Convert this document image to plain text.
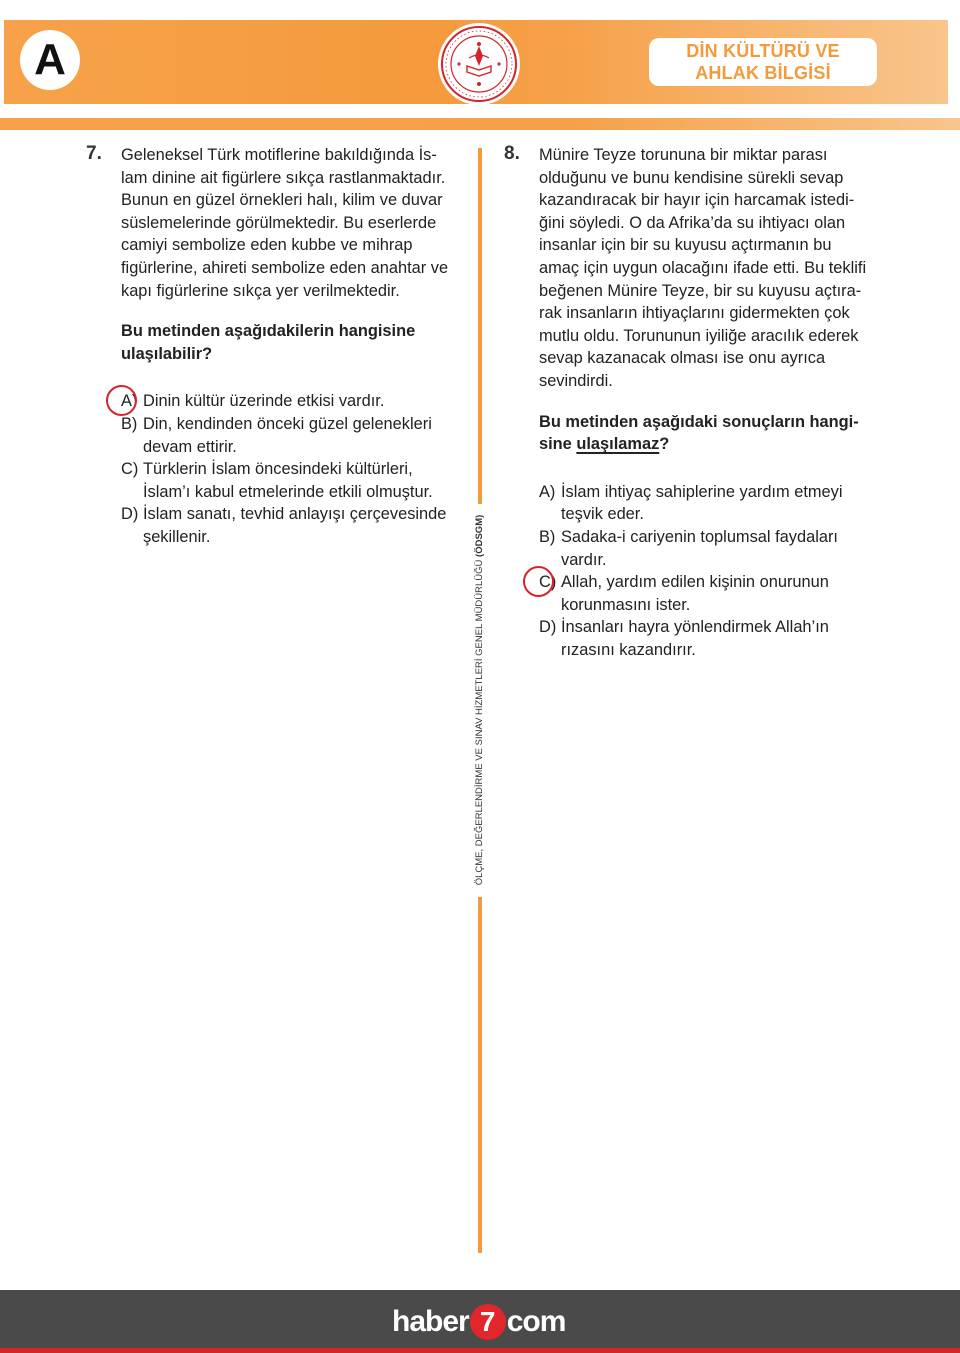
A	DİN KÜLTÜRÜ VE
AHLAK BİLGİSİ
7. Geleneksel Türk motiflerine bakıldığında İs-

lam dinine ait figürlere sıkça rastlanmaktadır.

Bunun en güzel örnekleri halı, kilim ve duvar

süslemelerinde görülmektedir. Bu eserlerde

camiyi sembolize eden kubbe ve mihrap

figürlerine, ahireti sembolize eden anahtar ve

kapı figürlerine sıkça yer verilmektedir.

Bu metinden aşağıdakilerin hangisine
ulaşılabilir?

A) Dinin kültür üzerinde etkisi vardır.
B) Din, kendinden önceki güzel gelenekleri
devam ettirir.
C) Türklerin İslam öncesindeki kültürleri,
İslam’ı kabul etmelerinde etkili olmuştur.
D) İslam sanatı, tevhid anlayışı çerçevesinde
şekillenir.
ÖLÇME, DEĞERLENDİRME VE SINAV HİZMETLERİ GENEL MÜDÜRLÜĞÜ (ÖDSGM)
8. Münire Teyze torununa bir miktar parası

olduğunu ve bunu kendisine sürekli sevap

kazandıracak bir hayır için harcamak istedi-

ğini söyledi. O da Afrika’da su ihtiyacı olan

insanlar için bir su kuyusu açtırmanın bu

amaç için uygun olacağını ifade etti. Bu teklifi

beğenen Münire Teyze, bir su kuyusu açtıra-

rak insanların ihtiyaçlarını gidermekten çok

mutlu oldu. Torununun iyiliğe aracılık ederek

sevap kazanacak olması ise onu ayrıca

sevindirdi.

Bu metinden aşağıdaki sonuçların hangi-
sine ulaşılamaz?

A) İslam ihtiyaç sahiplerine yardım etmeyi
teşvik eder.
B) Sadaka-i cariyenin toplumsal faydaları
vardır.
C) Allah, yardım edilen kişinin onurunun
korunmasını ister.
D) İnsanları hayra yönlendirmek Allah’ın
rızasını kazandırır.
haber 7 com
